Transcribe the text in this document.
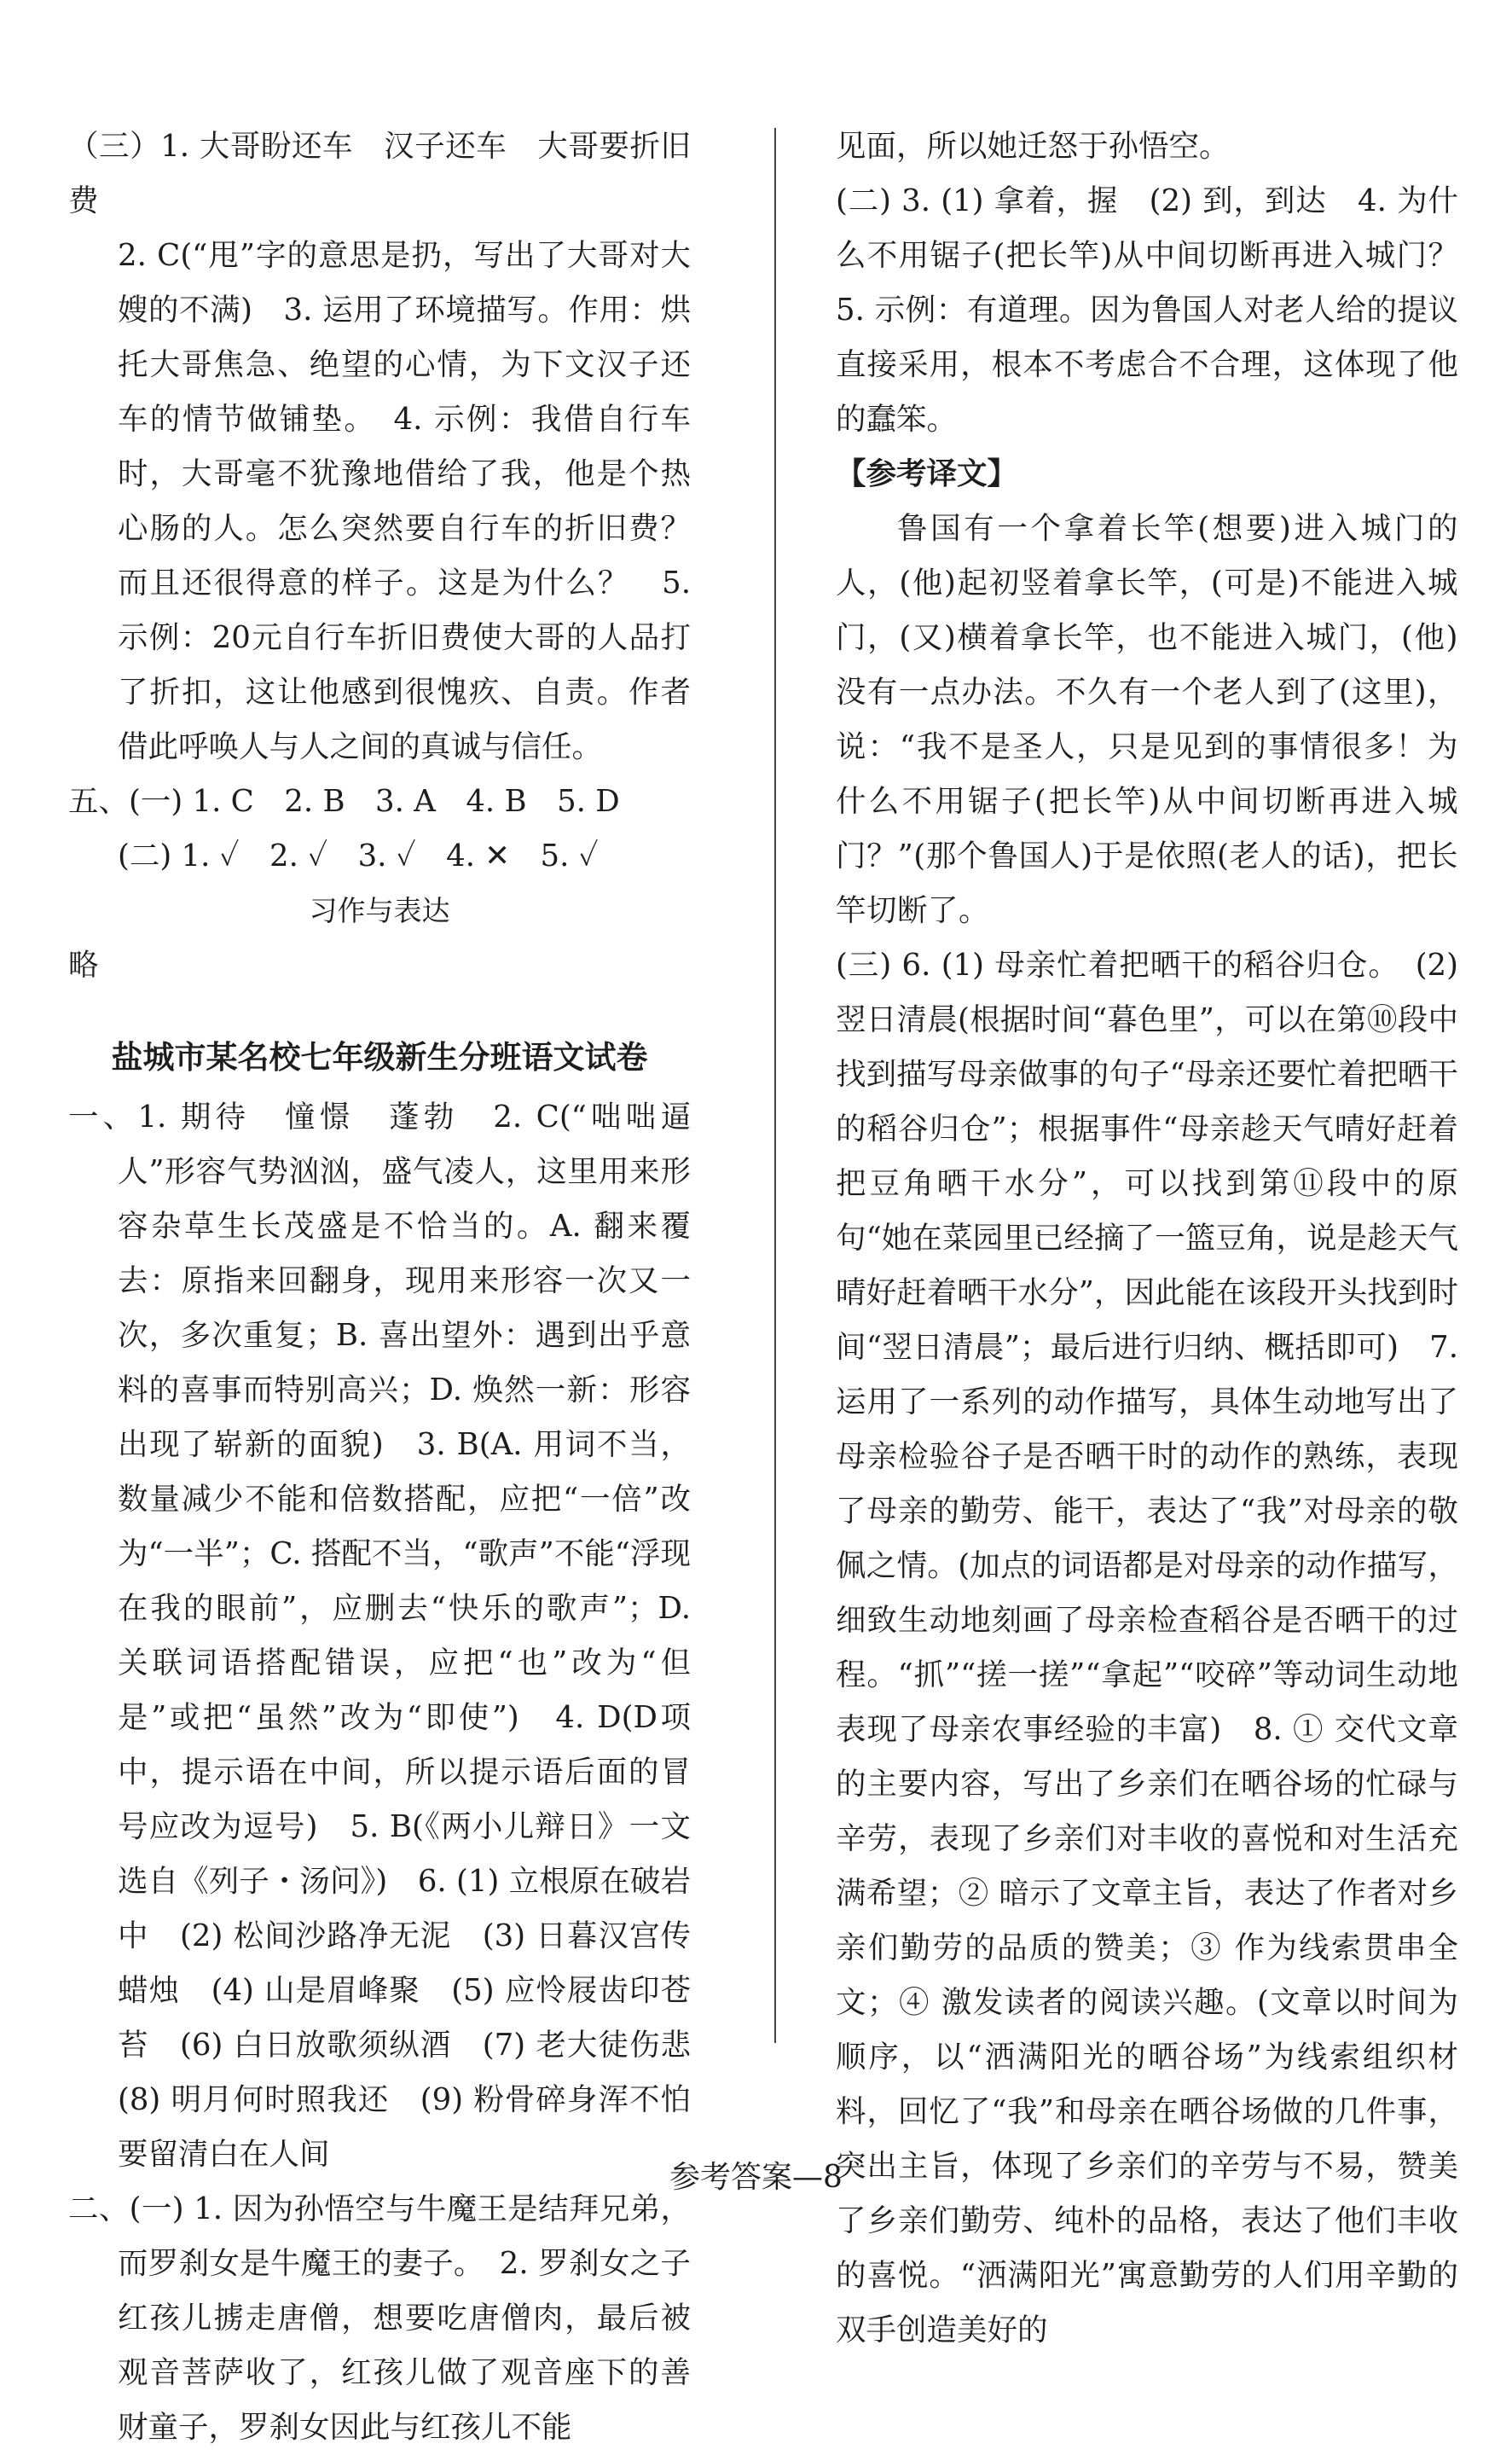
（三）1. 大哥盼还车　汉子还车　大哥要折旧费

2. C(“甩”字的意思是扔，写出了大哥对大嫂的不满)　3. 运用了环境描写。作用：烘托大哥焦急、绝望的心情，为下文汉子还车的情节做铺垫。　4. 示例：我借自行车时，大哥毫不犹豫地借给了我，他是个热心肠的人。怎么突然要自行车的折旧费？而且还很得意的样子。这是为什么？　5. 示例：20元自行车折旧费使大哥的人品打了折扣，这让他感到很愧疚、自责。作者借此呼唤人与人之间的真诚与信任。

五、(一) 1. C　2. B　3. A　4. B　5. D

(二) 1. ✓　2. ✓　3. ✓　4. ✕　5. ✓

习作与表达

略

盐城市某名校七年级新生分班语文试卷

一、1. 期待　憧憬　蓬勃　2. C(“咄咄逼人”形容气势汹汹，盛气凌人，这里用来形容杂草生长茂盛是不恰当的。A. 翻来覆去：原指来回翻身，现用来形容一次又一次，多次重复；B. 喜出望外：遇到出乎意料的喜事而特别高兴；D. 焕然一新：形容出现了崭新的面貌)　3. B(A. 用词不当，数量减少不能和倍数搭配，应把“一倍”改为“一半”；C. 搭配不当，“歌声”不能“浮现在我的眼前”，应删去“快乐的歌声”；D. 关联词语搭配错误，应把“也”改为“但是”或把“虽然”改为“即使”)　4. D(D项中，提示语在中间，所以提示语后面的冒号应改为逗号)　5. B(《两小儿辩日》一文选自《列子・汤问》)　6. (1) 立根原在破岩中　(2) 松间沙路净无泥　(3) 日暮汉宫传蜡烛　(4) 山是眉峰聚　(5) 应怜屐齿印苍苔　(6) 白日放歌须纵酒　(7) 老大徒伤悲　(8) 明月何时照我还　(9) 粉骨碎身浑不怕　要留清白在人间

二、(一) 1. 因为孙悟空与牛魔王是结拜兄弟，而罗刹女是牛魔王的妻子。　2. 罗刹女之子红孩儿掳走唐僧，想要吃唐僧肉，最后被观音菩萨收了，红孩儿做了观音座下的善财童子，罗刹女因此与红孩儿不能

见面，所以她迁怒于孙悟空。

(二) 3. (1) 拿着，握　(2) 到，到达　4. 为什么不用锯子(把长竿)从中间切断再进入城门？　5. 示例：有道理。因为鲁国人对老人给的提议直接采用，根本不考虑合不合理，这体现了他的蠢笨。

【参考译文】

鲁国有一个拿着长竿(想要)进入城门的人，(他)起初竖着拿长竿，(可是)不能进入城门，(又)横着拿长竿，也不能进入城门，(他)没有一点办法。不久有一个老人到了(这里)，说：“我不是圣人，只是见到的事情很多！为什么不用锯子(把长竿)从中间切断再进入城门？”(那个鲁国人)于是依照(老人的话)，把长竿切断了。

(三) 6. (1) 母亲忙着把晒干的稻谷归仓。　(2) 翌日清晨(根据时间“暮色里”，可以在第⑩段中找到描写母亲做事的句子“母亲还要忙着把晒干的稻谷归仓”；根据事件“母亲趁天气晴好赶着把豆角晒干水分”，可以找到第⑪段中的原句“她在菜园里已经摘了一篮豆角，说是趁天气晴好赶着晒干水分”，因此能在该段开头找到时间“翌日清晨”；最后进行归纳、概括即可)　7. 运用了一系列的动作描写，具体生动地写出了母亲检验谷子是否晒干时的动作的熟练，表现了母亲的勤劳、能干，表达了“我”对母亲的敬佩之情。(加点的词语都是对母亲的动作描写，细致生动地刻画了母亲检查稻谷是否晒干的过程。“抓”“搓一搓”“拿起”“咬碎”等动词生动地表现了母亲农事经验的丰富)　8. ① 交代文章的主要内容，写出了乡亲们在晒谷场的忙碌与辛劳，表现了乡亲们对丰收的喜悦和对生活充满希望；② 暗示了文章主旨，表达了作者对乡亲们勤劳的品质的赞美；③ 作为线索贯串全文；④ 激发读者的阅读兴趣。(文章以时间为顺序，以“洒满阳光的晒谷场”为线索组织材料，回忆了“我”和母亲在晒谷场做的几件事，突出主旨，体现了乡亲们的辛劳与不易，赞美了乡亲们勤劳、纯朴的品格，表达了他们丰收的喜悦。“洒满阳光”寓意勤劳的人们用辛勤的双手创造美好的

参考答案—8
